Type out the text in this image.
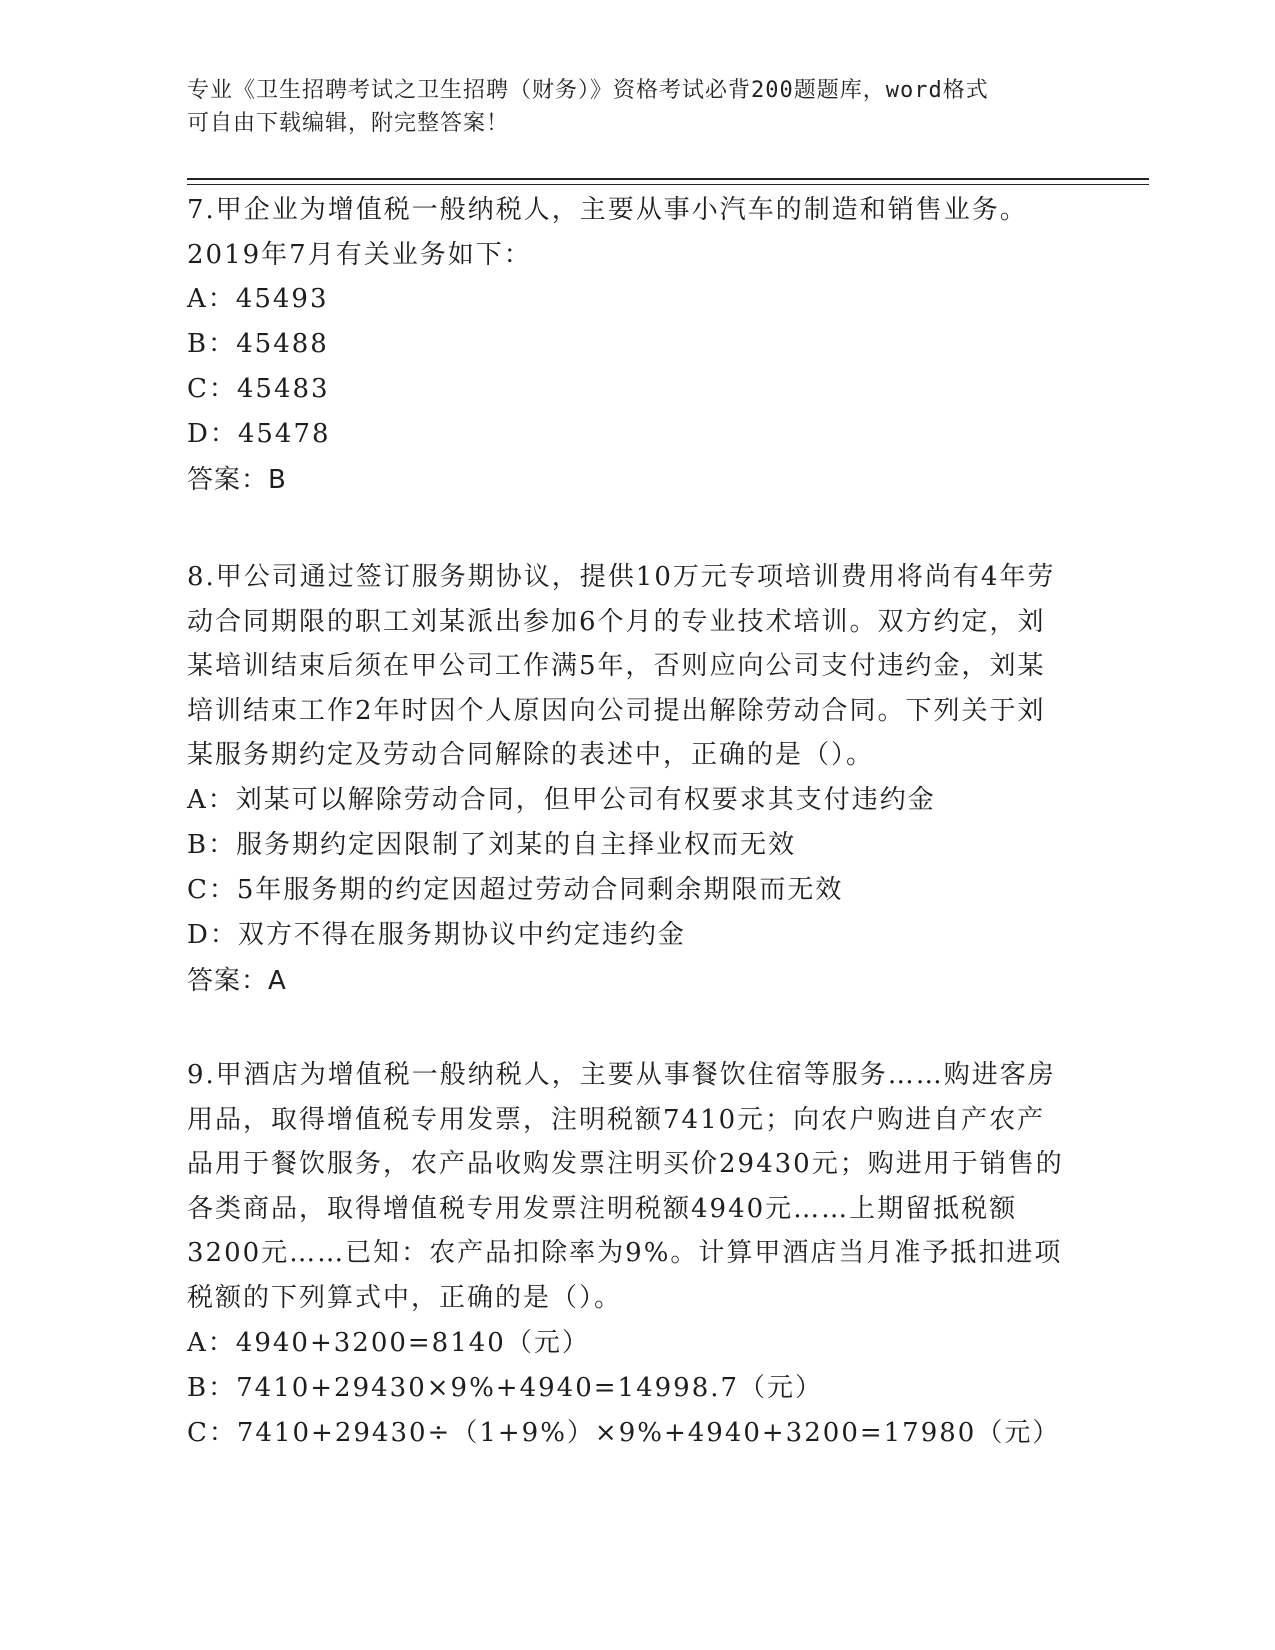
专业《卫生招聘考试之卫生招聘（财务）》资格考试必背200题题库，word格式
可自由下载编辑，附完整答案！

7.甲企业为增值税一般纳税人，主要从事小汽车的制造和销售业务。2019年7月有关业务如下：

A：45493

B：45488

C：45483

D：45478

答案：B

8.甲公司通过签订服务期协议，提供10万元专项培训费用将尚有4年劳动合同期限的职工刘某派出参加6个月的专业技术培训。双方约定，刘某培训结束后须在甲公司工作满5年，否则应向公司支付违约金，刘某培训结束工作2年时因个人原因向公司提出解除劳动合同。下列关于刘某服务期约定及劳动合同解除的表述中，正确的是（）。

A：刘某可以解除劳动合同，但甲公司有权要求其支付违约金

B：服务期约定因限制了刘某的自主择业权而无效

C：5年服务期的约定因超过劳动合同剩余期限而无效

D：双方不得在服务期协议中约定违约金

答案：A

9.甲酒店为增值税一般纳税人，主要从事餐饮住宿等服务……购进客房用品，取得增值税专用发票，注明税额7410元；向农户购进自产农产品用于餐饮服务，农产品收购发票注明买价29430元；购进用于销售的各类商品，取得增值税专用发票注明税额4940元……上期留抵税额3200元……已知：农产品扣除率为9%。计算甲酒店当月准予抵扣进项税额的下列算式中，正确的是（）。

A：4940+3200=8140（元）

B：7410+29430×9%+4940=14998.7（元）

C：7410+29430÷（1+9%）×9%+4940+3200=17980（元）
